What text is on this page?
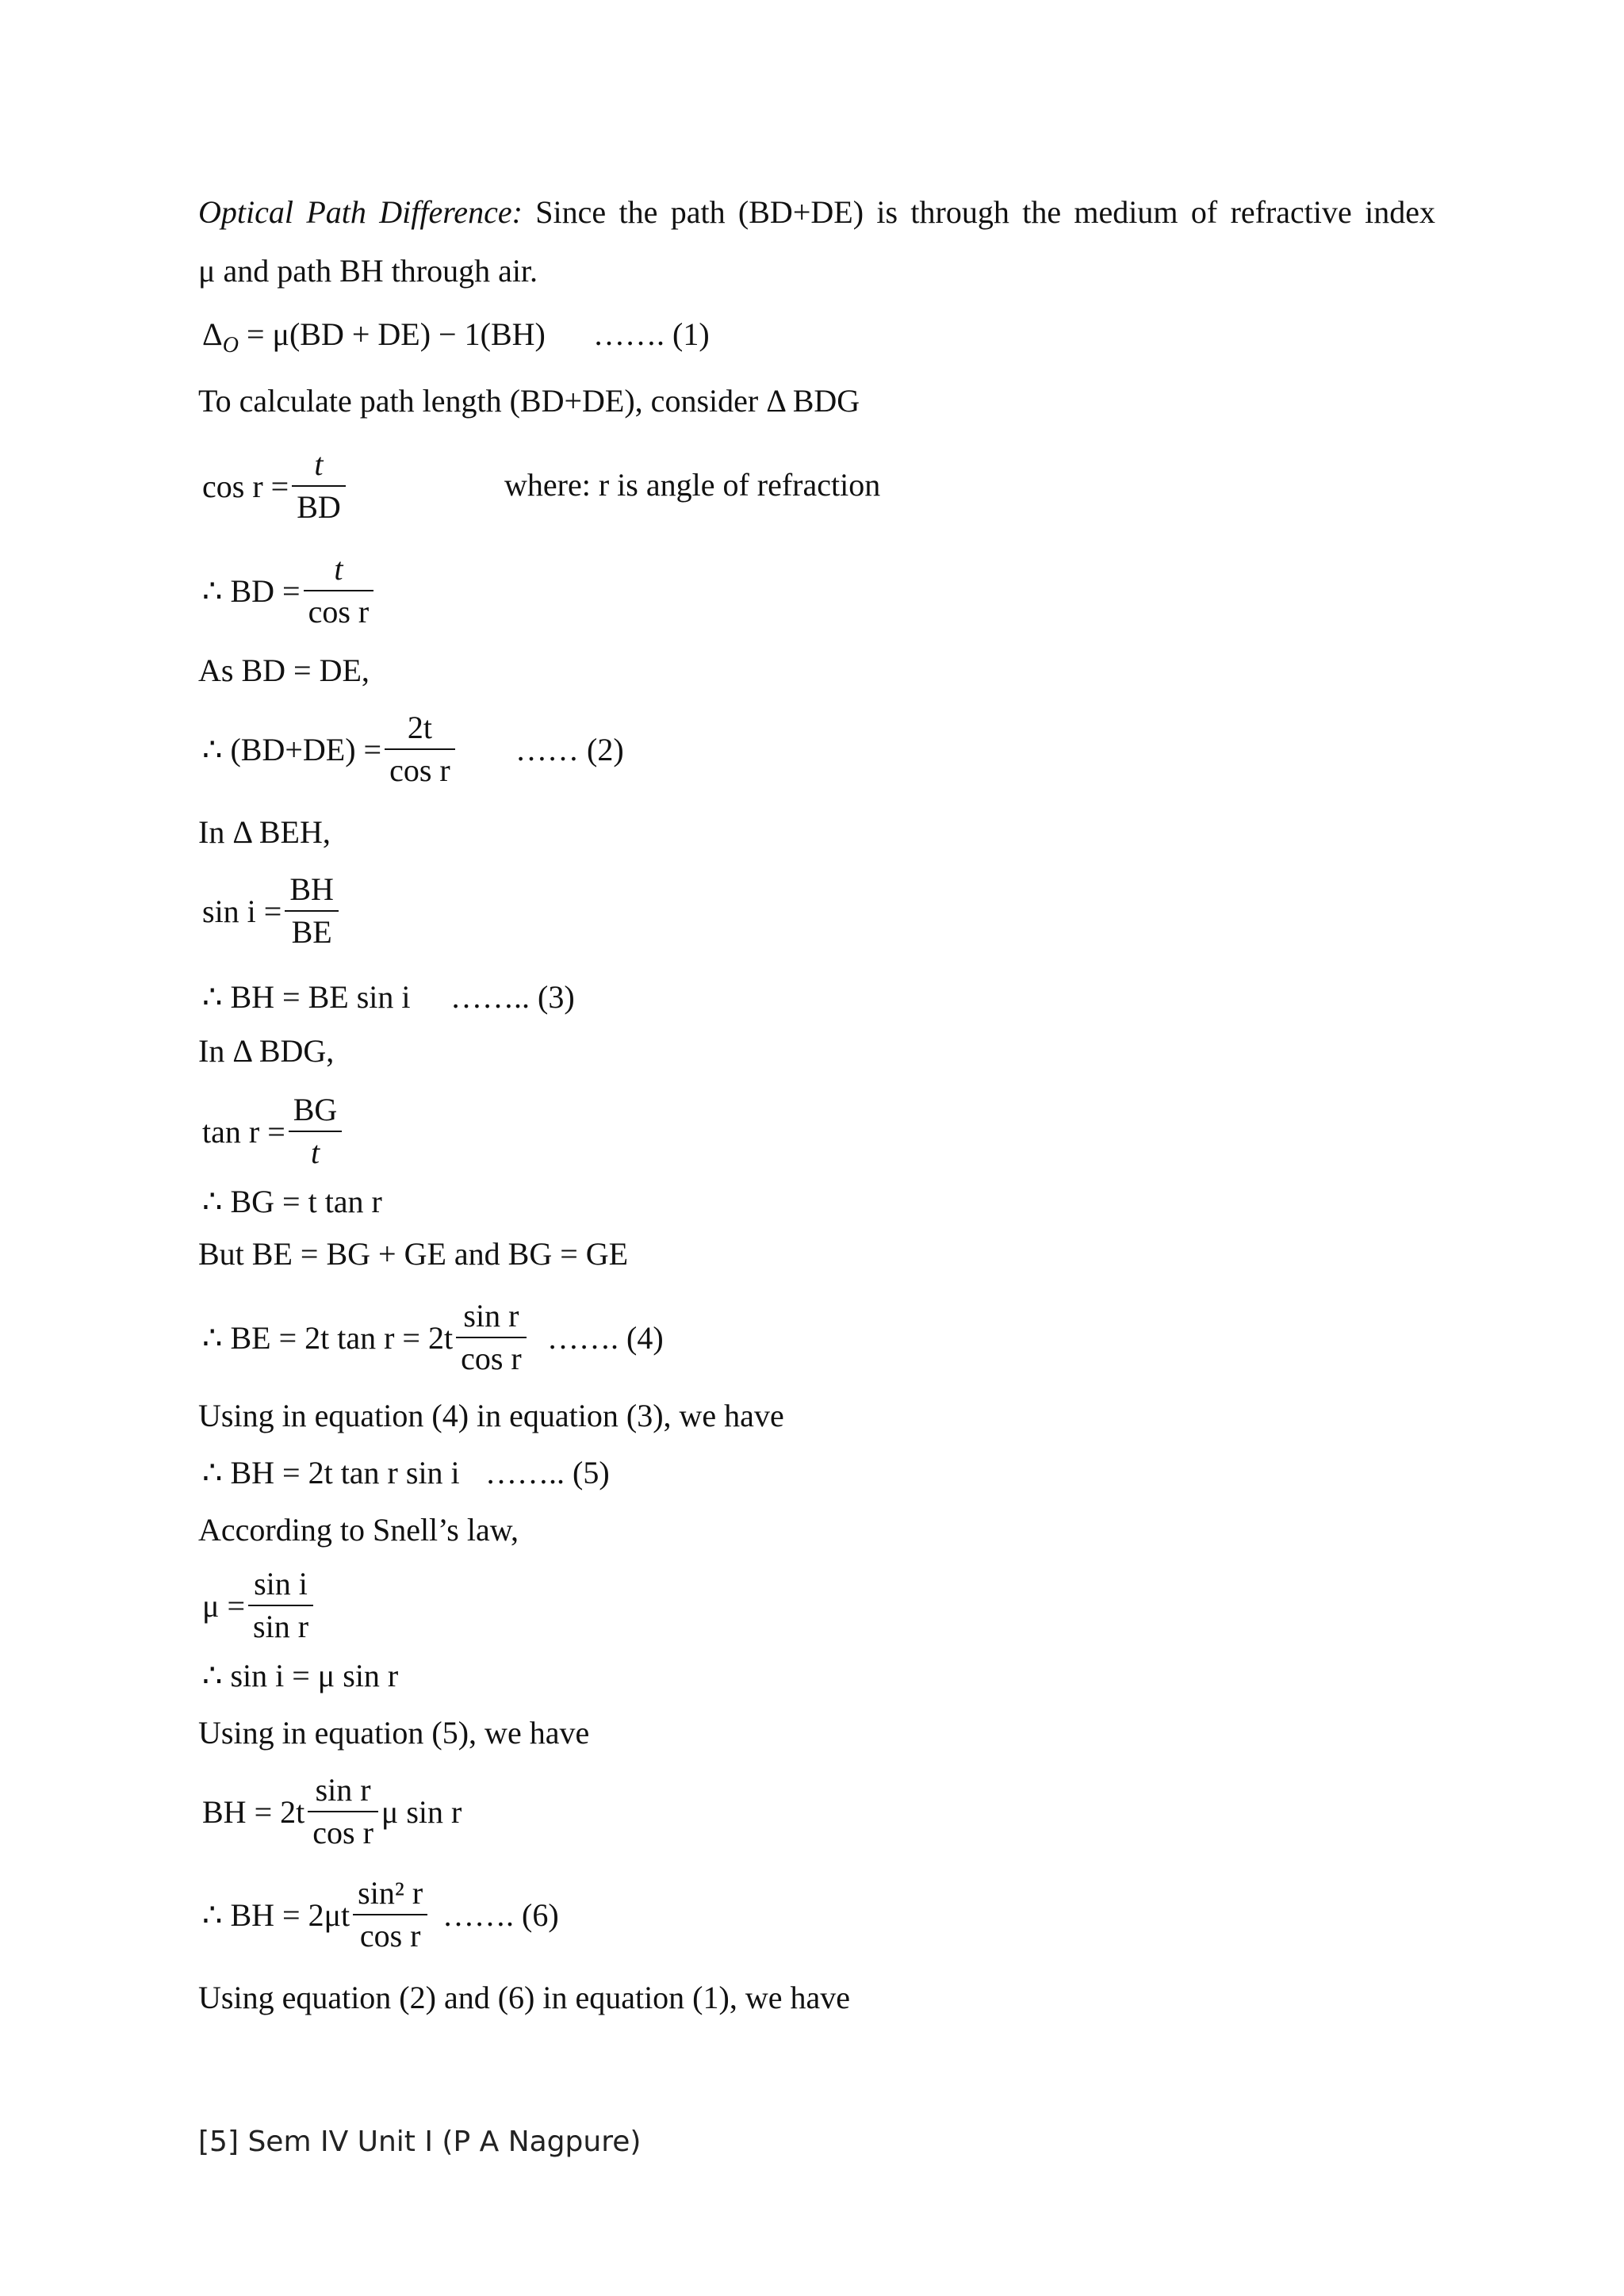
Optical Path Difference: Since the path (BD+DE) is through the medium of refractive index
μ and path BH through air.
$\Delta_O = \mu(BD + DE) - 1(BH)$ ……. (1)
To calculate path length (BD+DE), consider Δ BDG
$\cos r = \frac{t}{BD}$	where: r is angle of refraction
∴ BD = $\frac{t}{\text{cos r}}$
As BD = DE,
∴ $(BD+DE) = \frac{2t}{\text{cos r}}$ …… (2)
In Δ BEH,
$\sin i = \frac{BH}{BE}$
∴ BH = BE sin i …….. (3)
In Δ BDG,
$\tan r = \frac{BG}{t}$
∴ BG = t tan r
But BE = BG + GE and BG = GE
∴ BE = 2t $\tan r = 2t \frac{\text{sin r}}{\text{cos r}}$ ……. (4)
Using in equation (4) in equation (3), we have
∴ BH = 2t tan r sin i …….. (5)
According to Snell’s law,
$\mu = \frac{\text{sin i}}{\text{sin r}}$
∴ sin i = μ sin r
Using in equation (5), we have
BH = $2t \frac{\text{sin r}}{\text{cos r}}$ μ sin r
∴ BH = $2\mu t \frac{\text{sin² r}}{\text{cos r}}$ ……. (6)
Using equation (2) and (6) in equation (1), we have
[5] Sem IV Unit I (P A Nagpure)
